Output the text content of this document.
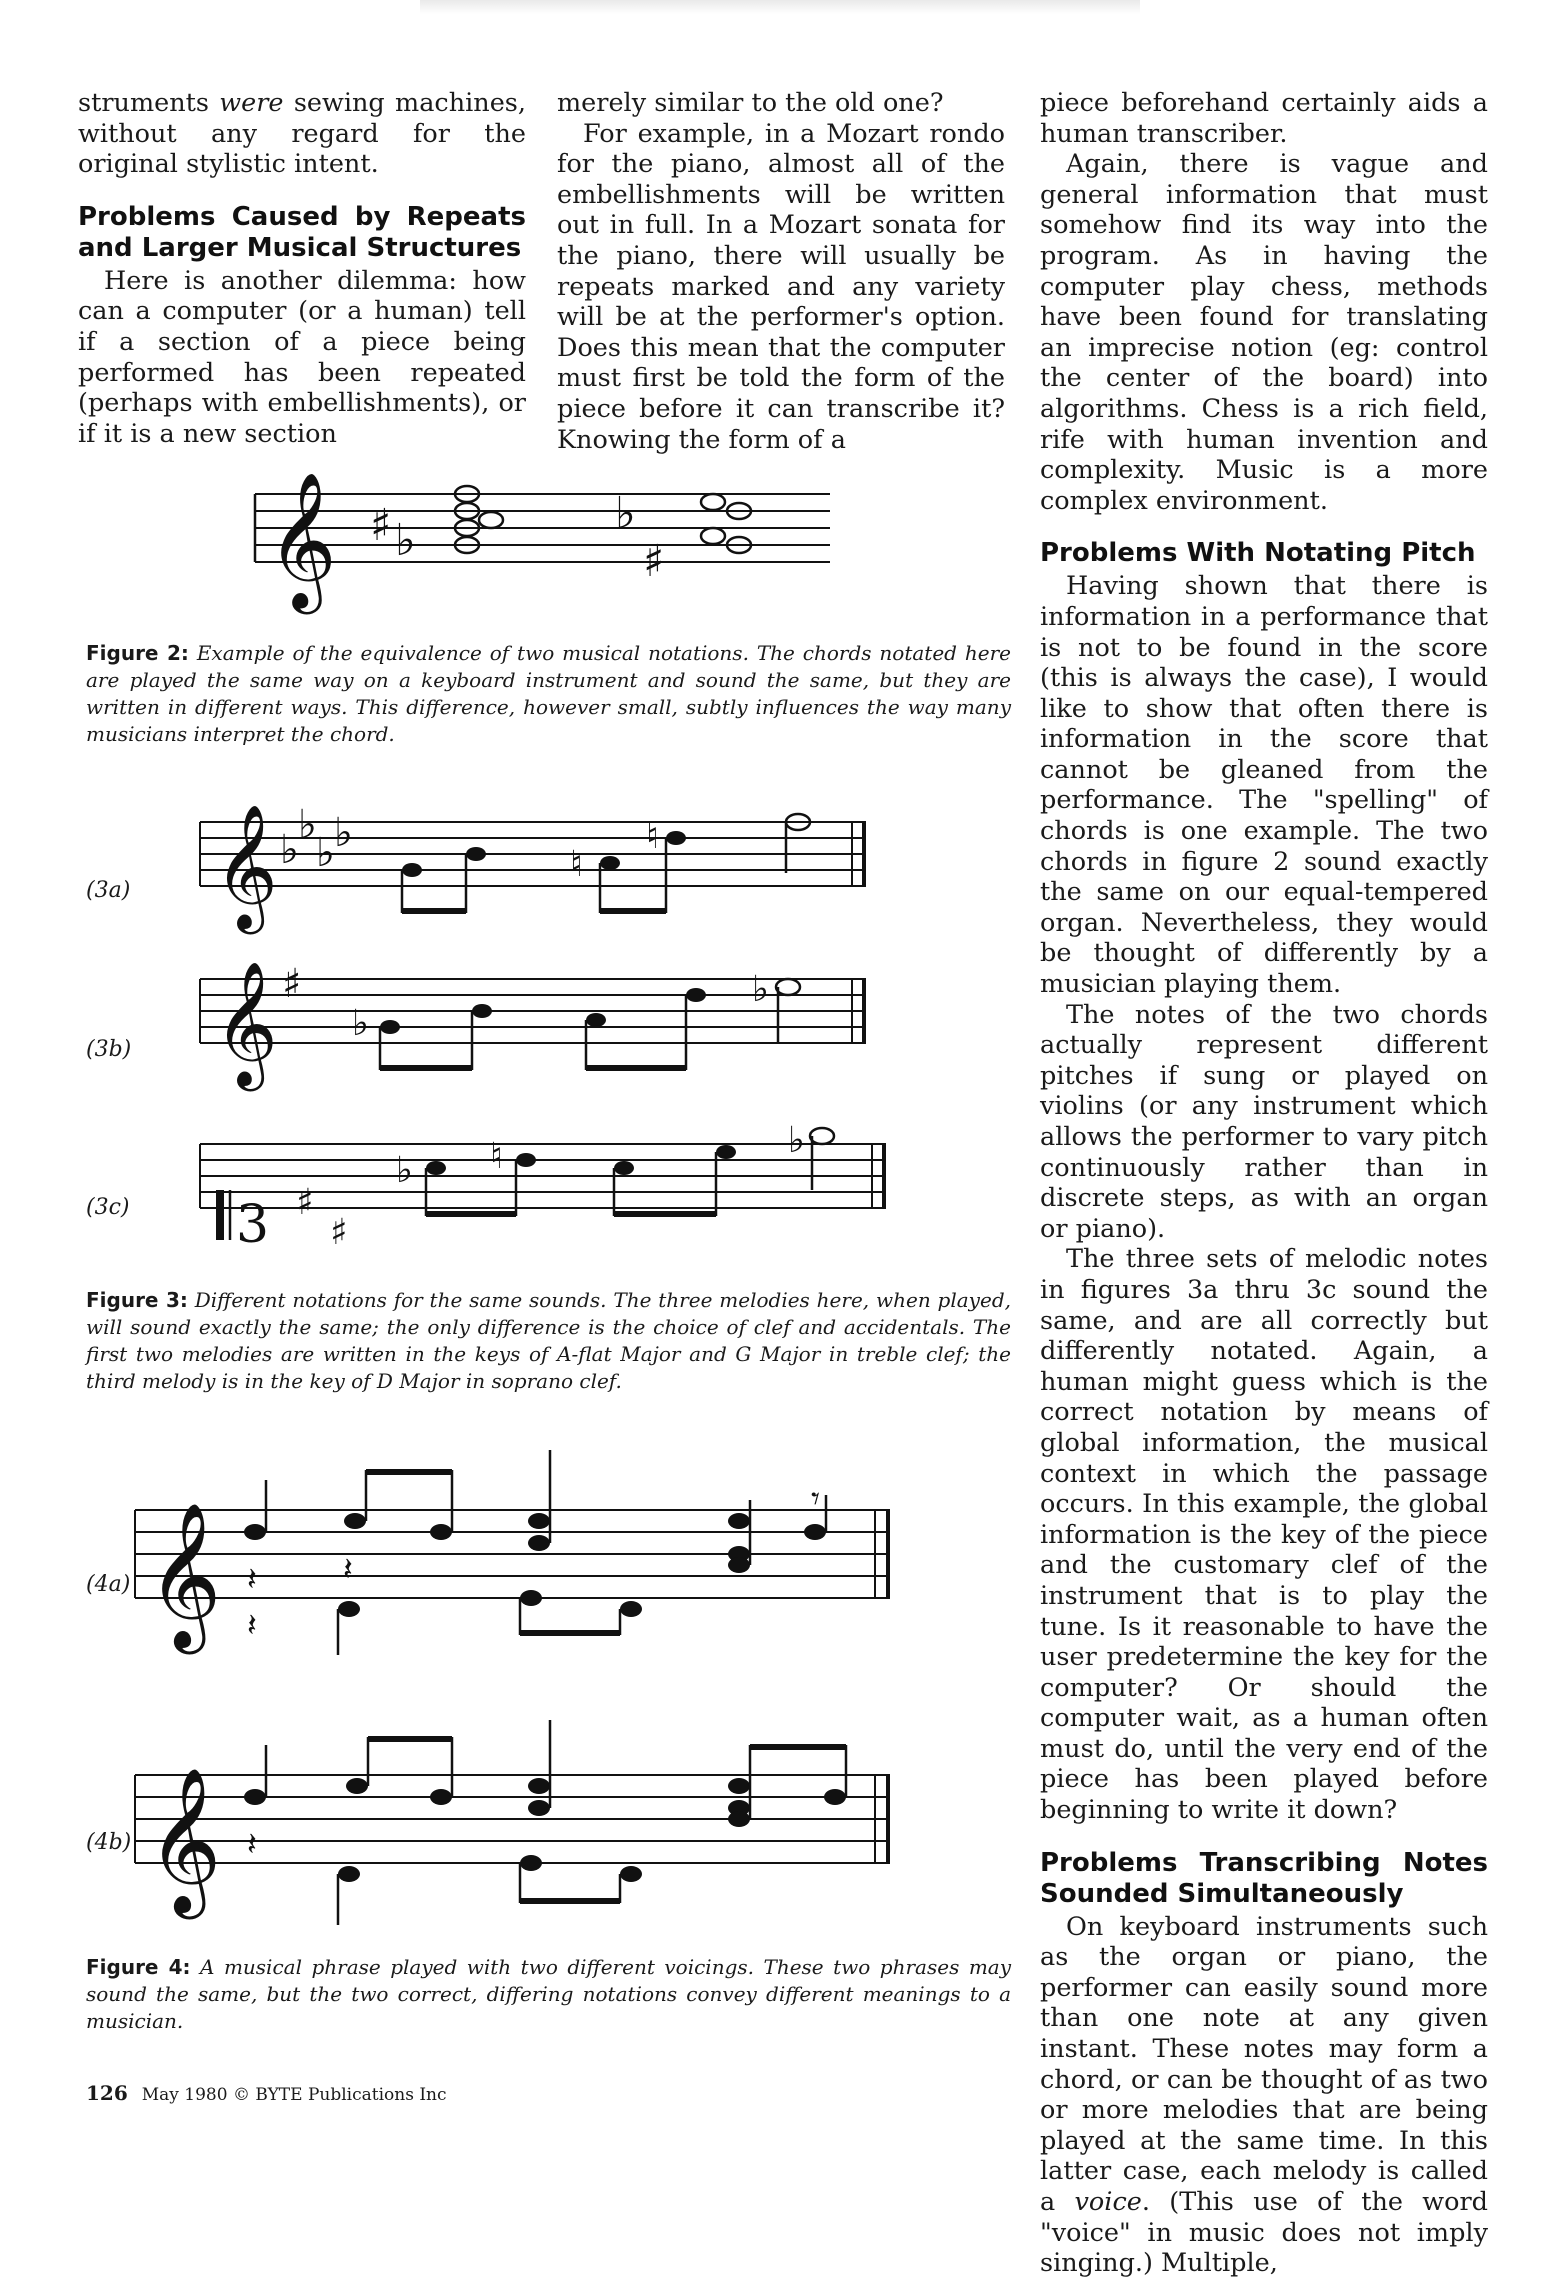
struments were sewing machines, without any regard for the original stylistic intent.

Problems Caused by Repeats and Larger Musical Structures

Here is another dilemma: how can a computer (or a human) tell if a section of a piece being performed has been repeated (perhaps with embellishments), or if it is a new section

merely similar to the old one?

For example, in a Mozart rondo for the piano, almost all of the embellishments will be written out in full. In a Mozart sonata for the piano, there will usually be repeats marked and any variety will be at the performer's option. Does this mean that the computer must first be told the form of the piece before it can transcribe it? Knowing the form of a

piece beforehand certainly aids a human transcriber.

Again, there is vague and general information that must somehow find its way into the program. As in having the computer play chess, methods have been found for translating an imprecise notion (eg: control the center of the board) into algorithms. Chess is a rich field, rife with human invention and complexity. Music is a more complex environment.

Problems With Notating Pitch

Having shown that there is information in a performance that is not to be found in the score (this is always the case), I would like to show that often there is information in the score that cannot be gleaned from the performance. The "spelling" of chords is one example. The two chords in figure 2 sound exactly the same on our equal-tempered organ. Nevertheless, they would be thought of differently by a musician playing them.

The notes of the two chords actually represent different pitches if sung or played on violins (or any instrument which allows the performer to vary pitch continuously rather than in discrete steps, as with an organ or piano).

The three sets of melodic notes in figures 3a thru 3c sound the same, and are all correctly but differently notated. Again, a human might guess which is the correct notation by means of global information, the musical context in which the passage occurs. In this example, the global information is the key of the piece and the customary clef of the instrument that is to play the tune. Is it reasonable to have the user predetermine the key for the computer? Or should the computer wait, as a human often must do, until the very end of the piece has been played before beginning to write it down?

Problems Transcribing Notes Sounded Simultaneously

On keyboard instruments such as the organ or piano, the performer can easily sound more than one note at any given instant. These notes may form a chord, or can be thought of as two or more melodies that are being played at the same time. In this latter case, each melody is called a voice. (This use of the word "voice" in music does not imply singing.) Multiple,

𝄞 ♯ ♭
♭
♯
Figure 2: Example of the equivalence of two musical notations. The chords notated here are played the same way on a keyboard instrument and sound the same, but they are written in different ways. This difference, however small, subtly influences the way many musicians interpret the chord.
(3a) 𝄞 ♭
♭
♭ ♭
♮
♮
(3b) 𝄞 ♯
♭
♭
(3c) 3 ♯
♯
♭ ♮	♭
Figure 3: Different notations for the same sounds. The three melodies here, when played, will sound exactly the same; the only difference is the choice of clef and accidentals. The first two melodies are written in the keys of A-flat Major and G Major in treble clef; the third melody is in the key of D Major in soprano clef.
(4a) 𝄞 𝄽
𝄽
𝄽
𝄾
(4b) 𝄞 𝄽
Figure 4: A musical phrase played with two different voicings. These two phrases may sound the same, but the two correct, differing notations convey different meanings to a musician.
126 May 1980 © BYTE Publications Inc
